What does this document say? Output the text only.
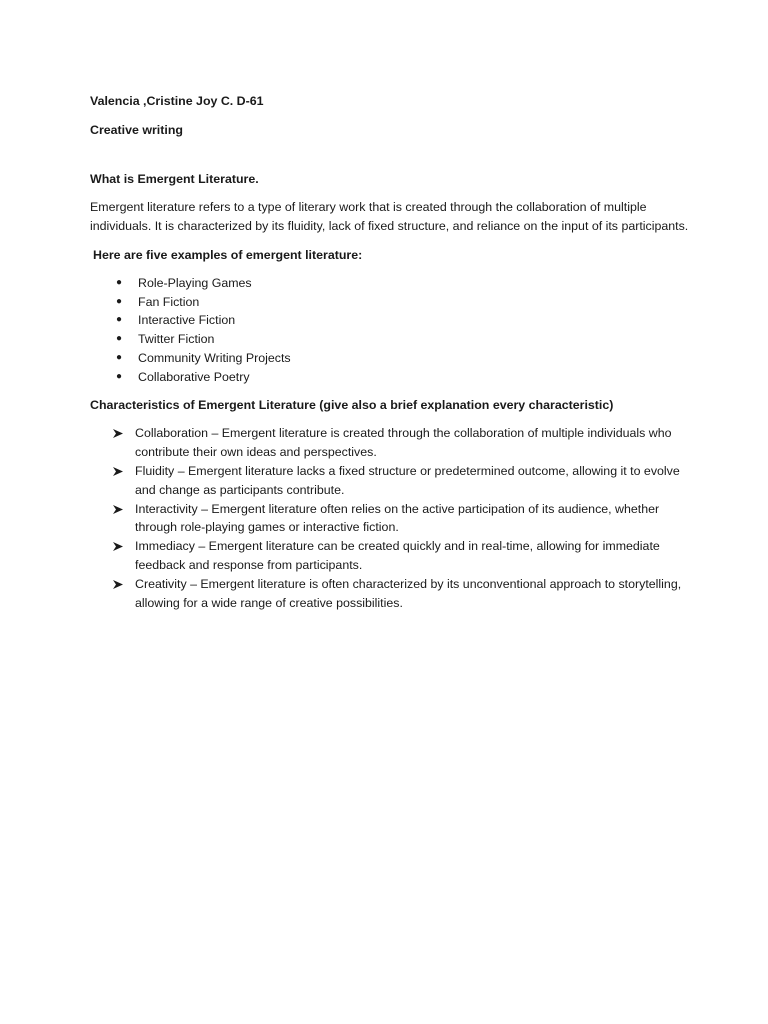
Valencia ,Cristine Joy C. D-61

Creative writing

What is Emergent Literature.

Emergent literature refers to a type of literary work that is created through the collaboration of multiple individuals. It is characterized by its fluidity, lack of fixed structure, and reliance on the input of its participants.

Here are five examples of emergent literature:

● Role-Playing Games
● Fan Fiction
● Interactive Fiction
● Twitter Fiction
● Community Writing Projects
● Collaborative Poetry

Characteristics of Emergent Literature (give also a brief explanation every characteristic)

Collaboration – Emergent literature is created through the collaboration of multiple individuals who contribute their own ideas and perspectives.
Fluidity – Emergent literature lacks a fixed structure or predetermined outcome, allowing it to evolve and change as participants contribute.
Interactivity – Emergent literature often relies on the active participation of its audience, whether through role-playing games or interactive fiction.
Immediacy – Emergent literature can be created quickly and in real-time, allowing for immediate feedback and response from participants.
Creativity – Emergent literature is often characterized by its unconventional approach to storytelling, allowing for a wide range of creative possibilities.
